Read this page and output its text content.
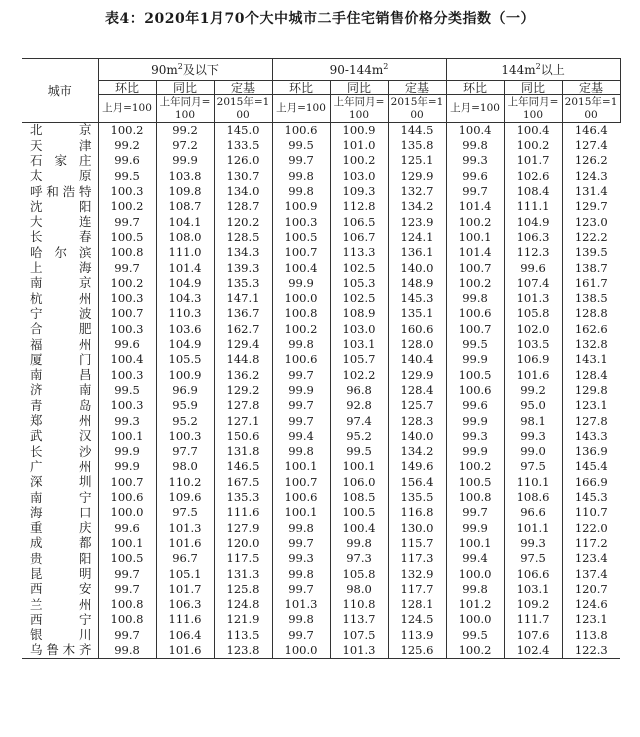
表4：2020年1月70个大中城市二手住宅销售价格分类指数（一）
城市	$90m^2$及以下			$90-144m^2$			$144m^2$以上		
	环比	同比	定基	环比	同比	定基	环比	同比	定基

	上月=100	上年同月=100	2015年=100	上月=100	上年同月=100	2015年=100	上月=100	上年同月=100	2015年=100

北京	100.2	99.2	145.0	100.6	100.9	144.5	100.4	100.4	146.4
天津	99.2	97.2	133.5	99.5	101.0	135.8	99.8	100.2	127.4
石家庄	99.6	99.9	126.0	99.7	100.2	125.1	99.3	101.7	126.2
太原	99.5	103.8	130.7	99.8	103.0	129.9	99.6	102.6	124.3
呼和浩特	100.3	109.8	134.0	99.8	109.3	132.7	99.7	108.4	131.4
沈阳	100.2	108.7	128.7	100.9	112.8	134.2	101.4	111.1	129.7
大连	99.7	104.1	120.2	100.3	106.5	123.9	100.2	104.9	123.0
长春	100.5	108.0	128.5	100.5	106.7	124.1	100.1	106.3	122.2
哈尔滨	100.8	111.0	134.3	100.7	113.3	136.1	101.4	112.3	139.5
上海	99.7	101.4	139.3	100.4	102.5	140.0	100.7	99.6	138.7
南京	100.2	104.9	135.3	99.9	105.3	148.9	100.2	107.4	161.7
杭州	100.3	104.3	147.1	100.0	102.5	145.3	99.8	101.3	138.5
宁波	100.7	110.3	136.7	100.8	108.9	135.1	100.6	105.8	128.8
合肥	100.3	103.6	162.7	100.2	103.0	160.6	100.7	102.0	162.6
福州	99.6	104.9	129.4	99.8	103.1	128.0	99.5	103.5	132.8
厦门	100.4	105.5	144.8	100.6	105.7	140.4	99.9	106.9	143.1
南昌	100.3	100.9	136.2	99.7	102.2	129.9	100.5	101.6	128.4
济南	99.5	96.9	129.2	99.9	96.8	128.4	100.6	99.2	129.8
青岛	100.3	95.9	127.8	99.7	92.8	125.7	99.6	95.0	123.1
郑州	99.3	95.2	127.1	99.7	97.4	128.3	99.9	98.1	127.8
武汉	100.1	100.3	150.6	99.4	95.2	140.0	99.3	99.3	143.3
长沙	99.9	97.7	131.8	99.8	99.5	134.2	99.9	99.0	136.9
广州	99.9	98.0	146.5	100.1	100.1	149.6	100.2	97.5	145.4
深圳	100.7	110.2	167.5	100.7	106.0	156.4	100.5	110.1	166.9
南宁	100.6	109.6	135.3	100.6	108.5	135.5	100.8	108.6	145.3
海口	100.0	97.5	111.6	100.1	100.5	116.8	99.7	96.6	110.7
重庆	99.6	101.3	127.9	99.8	100.4	130.0	99.9	101.1	122.0
成都	100.1	101.6	120.0	99.7	99.8	115.7	100.1	99.3	117.2
贵阳	100.5	96.7	117.5	99.3	97.3	117.3	99.4	97.5	123.4
昆明	99.7	105.1	131.3	99.8	105.8	132.9	100.0	106.6	137.4
西安	99.7	101.7	125.8	99.7	98.0	117.7	99.8	103.1	120.7
兰州	100.8	106.3	124.8	101.3	110.8	128.1	101.2	109.2	124.6
西宁	100.8	111.6	121.9	99.8	113.7	124.5	100.0	111.7	123.1
银川	99.7	106.4	113.5	99.7	107.5	113.9	99.5	107.6	113.8
乌鲁木齐	99.8	101.6	123.8	100.0	101.3	125.6	100.2	102.4	122.3
